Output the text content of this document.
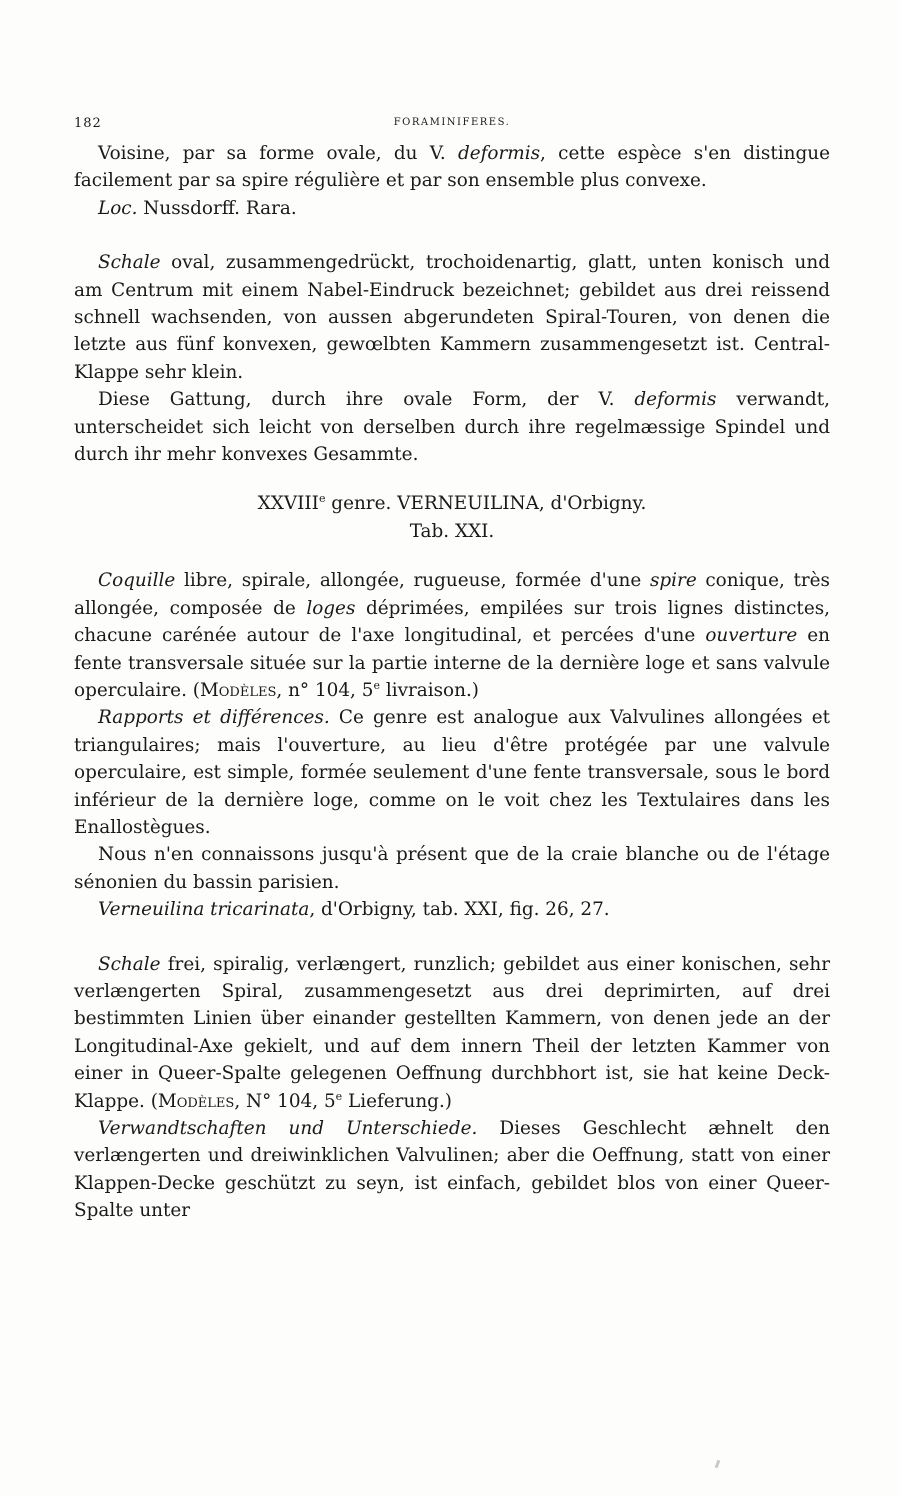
182	FORAMINIFERES.

Voisine, par sa forme ovale, du V. deformis, cette espèce s'en distingue facilement par sa spire régulière et par son ensemble plus convexe.

Loc. Nussdorff. Rara.

Schale oval, zusammengedrückt, trochoidenartig, glatt, unten konisch und am Centrum mit einem Nabel-Eindruck bezeichnet; gebildet aus drei reissend schnell wachsenden, von aussen abgerundeten Spiral-Touren, von denen die letzte aus fünf konvexen, gewœlbten Kammern zusammengesetzt ist. Central-Klappe sehr klein.

Diese Gattung, durch ihre ovale Form, der V. deformis verwandt, unterscheidet sich leicht von derselben durch ihre regelmæssige Spindel und durch ihr mehr konvexes Gesammte.

XXVIIIe genre. VERNEUILINA, d'Orbigny.

Tab. XXI.

Coquille libre, spirale, allongée, rugueuse, formée d'une spire conique, très allongée, composée de loges déprimées, empilées sur trois lignes distinctes, chacune carénée autour de l'axe longitudinal, et percées d'une ouverture en fente transversale située sur la partie interne de la dernière loge et sans valvule operculaire. (Modèles, n° 104, 5e livraison.)

Rapports et différences. Ce genre est analogue aux Valvulines allongées et triangulaires; mais l'ouverture, au lieu d'être protégée par une valvule operculaire, est simple, formée seulement d'une fente transversale, sous le bord inférieur de la dernière loge, comme on le voit chez les Textulaires dans les Enallostègues.

Nous n'en connaissons jusqu'à présent que de la craie blanche ou de l'étage sénonien du bassin parisien.

Verneuilina tricarinata, d'Orbigny, tab. XXI, fig. 26, 27.

Schale frei, spiralig, verlængert, runzlich; gebildet aus einer konischen, sehr verlængerten Spiral, zusammengesetzt aus drei deprimirten, auf drei bestimmten Linien über einander gestellten Kammern, von denen jede an der Longitudinal-Axe gekielt, und auf dem innern Theil der letzten Kammer von einer in Queer-Spalte gelegenen Oeffnung durchbhort ist, sie hat keine Deck-Klappe. (Modèles, N° 104, 5e Lieferung.)

Verwandtschaften und Unterschiede. Dieses Geschlecht æhnelt den verlængerten und dreiwinklichen Valvulinen; aber die Oeffnung, statt von einer Klappen-Decke geschützt zu seyn, ist einfach, gebildet blos von einer Queer-Spalte unter
